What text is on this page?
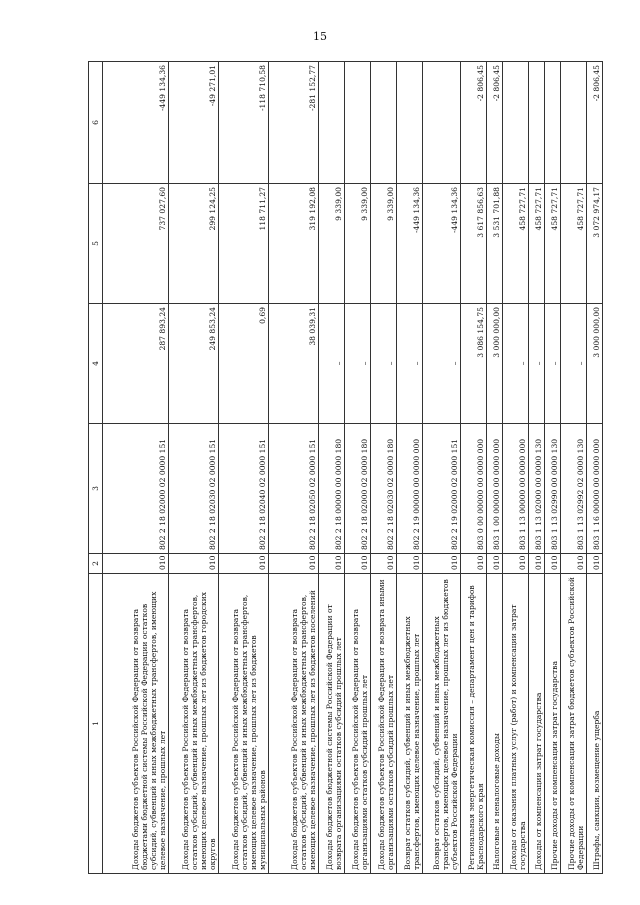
15
1	2	3	4	5	6
Доходы бюджетов субъектов Российской Федерации от возврата бюджетами бюджетной системы Российской Федерации остатков субсидий, субвенций и иных межбюджетных трансфертов, имеющих целевое назначение, прошлых лет	010	802 2 18 02000 02 0000 151	287 893,24	737 027,60	-449 134,36
Доходы бюджетов субъектов Российской Федерации от возврата остатков субсидий, субвенций и иных межбюджетных трансфертов, имеющих целевое назначение, прошлых лет из бюджетов городских округов	010	802 2 18 02030 02 0000 151	249 853,24	299 124,25	-49 271,01
Доходы бюджетов субъектов Российской Федерации от возврата остатков субсидий, субвенций и иных межбюджетных трансфертов, имеющих целевое назначение, прошлых лет из бюджетов муниципальных районов	010	802 2 18 02040 02 0000 151	0,69	118 711,27	-118 710,58
Доходы бюджетов субъектов Российской Федерации от возврата остатков субсидий, субвенций и иных межбюджетных трансфертов, имеющих целевое назначение, прошлых лет из бюджетов поселений	010	802 2 18 02050 02 0000 151	38 039,31	319 192,08	-281 152,77
Доходы бюджетов бюджетной системы Российской Федерации от возврата организациями остатков субсидий прошлых лет	010	802 2 18 00000 00 0000 180	–	9 339,00	
Доходы бюджетов субъектов Российской Федерации от возврата организациями остатков субсидий прошлых лет	010	802 2 18 02000 02 0000 180	–	9 339,00	
Доходы бюджетов субъектов Российской Федерации от возврата иными организациями остатков субсидий прошлых лет	010	802 2 18 02030 02 0000 180	–	9 339,00	
Возврат остатков субсидий, субвенций и иных межбюджетных трансфертов, имеющих целевое назначение, прошлых лет	010	802 2 19 00000 00 0000 000	–	-449 134,36	
Возврат остатков субсидий, субвенций и иных межбюджетных трансфертов, имеющих целевое назначение, прошлых лет из бюджетов субъектов Российской Федерации	010	802 2 19 02000 02 0000 151	–	-449 134,36	
Региональная энергетическая комиссия – департамент цен и тарифов Краснодарского края	010	803 0 00 00000 00 0000 000	3 086 154,75	3 617 856,63	-2 806,45
Налоговые и неналоговые доходы	010	803 1 00 00000 00 0000 000	3 000 000,00	3 531 701,88	-2 806,45
Доходы от оказания платных услуг (работ) и компенсации затрат государства	010	803 1 13 00000 00 0000 000	–	458 727,71	
Доходы от компенсации затрат государства	010	803 1 13 02000 00 0000 130	–	458 727,71	
Прочие доходы от компенсации затрат государства	010	803 1 13 02990 00 0000 130	–	458 727,71	
Прочие доходы от компенсации затрат бюджетов субъектов Российской Федерации	010	803 1 13 02992 02 0000 130	–	458 727,71	
Штрафы, санкции, возмещение ущерба	010	803 1 16 00000 00 0000 000	3 000 000,00	3 072 974,17	-2 806,45
